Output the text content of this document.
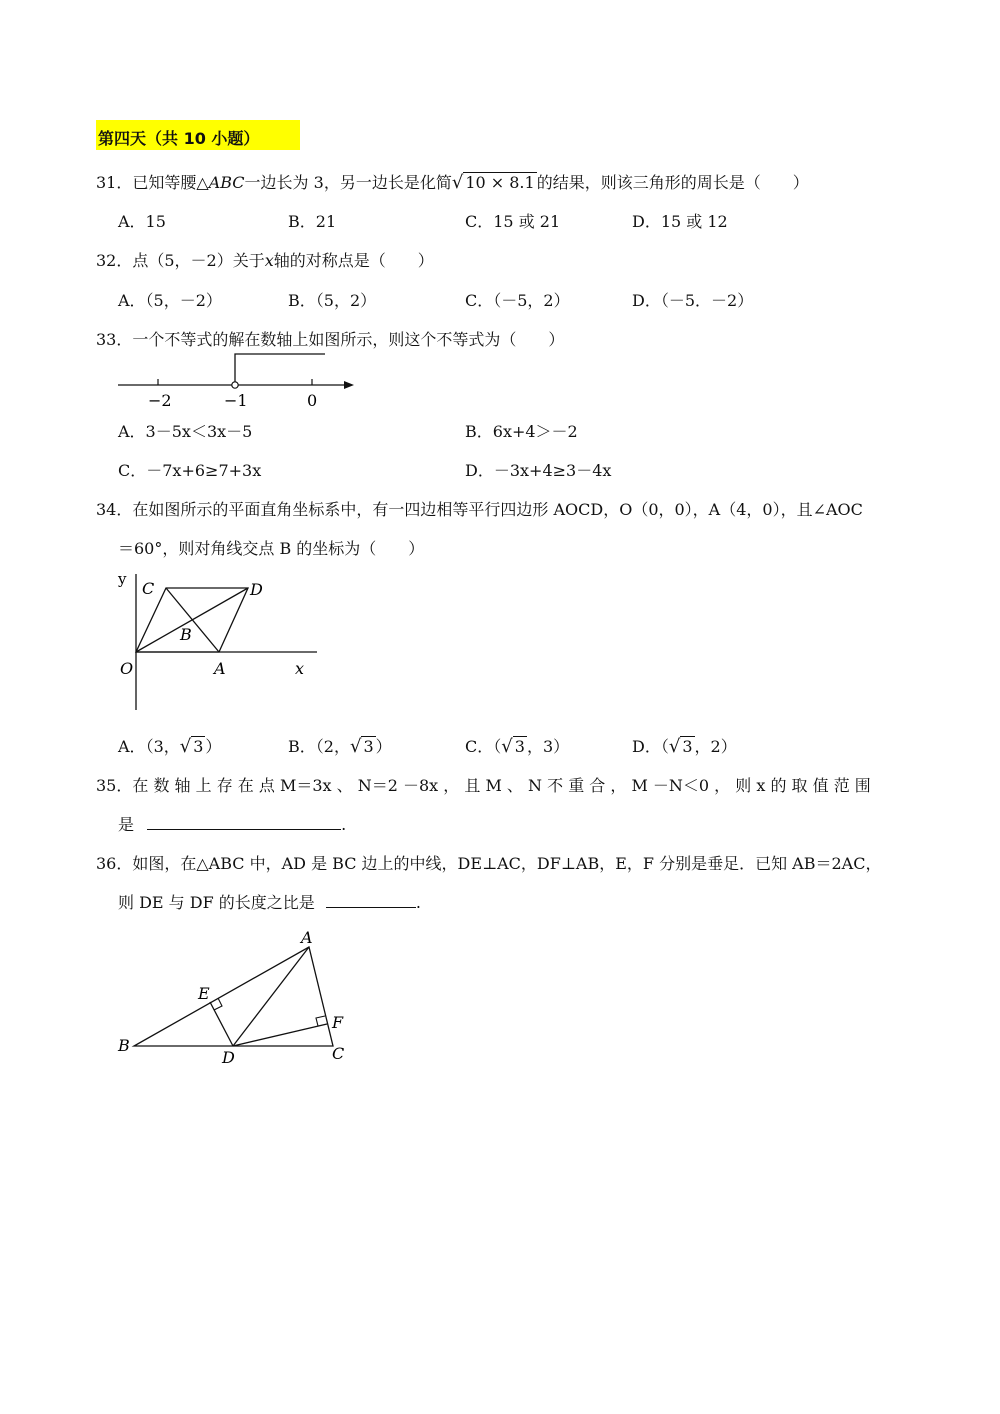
第四天（共 10 小题）
31．已知等腰△ABC一边长为 3，另一边长是化简√ 10 × 8.1 的结果，则该三角形的周长是（　　）
A．15	B．21	C．15 或 21	D．15 或 12
32．点（5，－2）关于x轴的对称点是（　　）
A．（5，－2）	B．（5，2）	C．（－5，2）	D．（－5．－2）
33．一个不等式的解在数轴上如图所示，则这个不等式为（　　）
−2	−1	0
A．3－5x＜3x－5	B．6x+4＞－2
C．－7x+6≥7+3x	D．－3x+4≥3－4x
34．在如图所示的平面直角坐标系中，有一四边相等平行四边形 AOCD，O（0，0），A（4，0），且∠AOC
＝60°，则对角线交点 B 的坐标为（　　）
y C	D
B
O	A	x
A．（3，√ 3 ）	B．（2，√ 3 ）	C．（√ 3 ，3）	D．（√ 3 ，2）
35．在 数 轴 上 存 在 点 M＝3x 、 N＝2 －8x ， 且 M 、 N 不 重 合 ， M －N＜0 ， 则 x 的 取 值 范 围
是	.
36．如图，在△ABC 中，AD 是 BC 边上的中线，DE⊥AC，DF⊥AB，E，F 分别是垂足．已知 AB＝2AC，
则 DE 与 DF 的长度之比是	.
A
E
F
B
D	C
